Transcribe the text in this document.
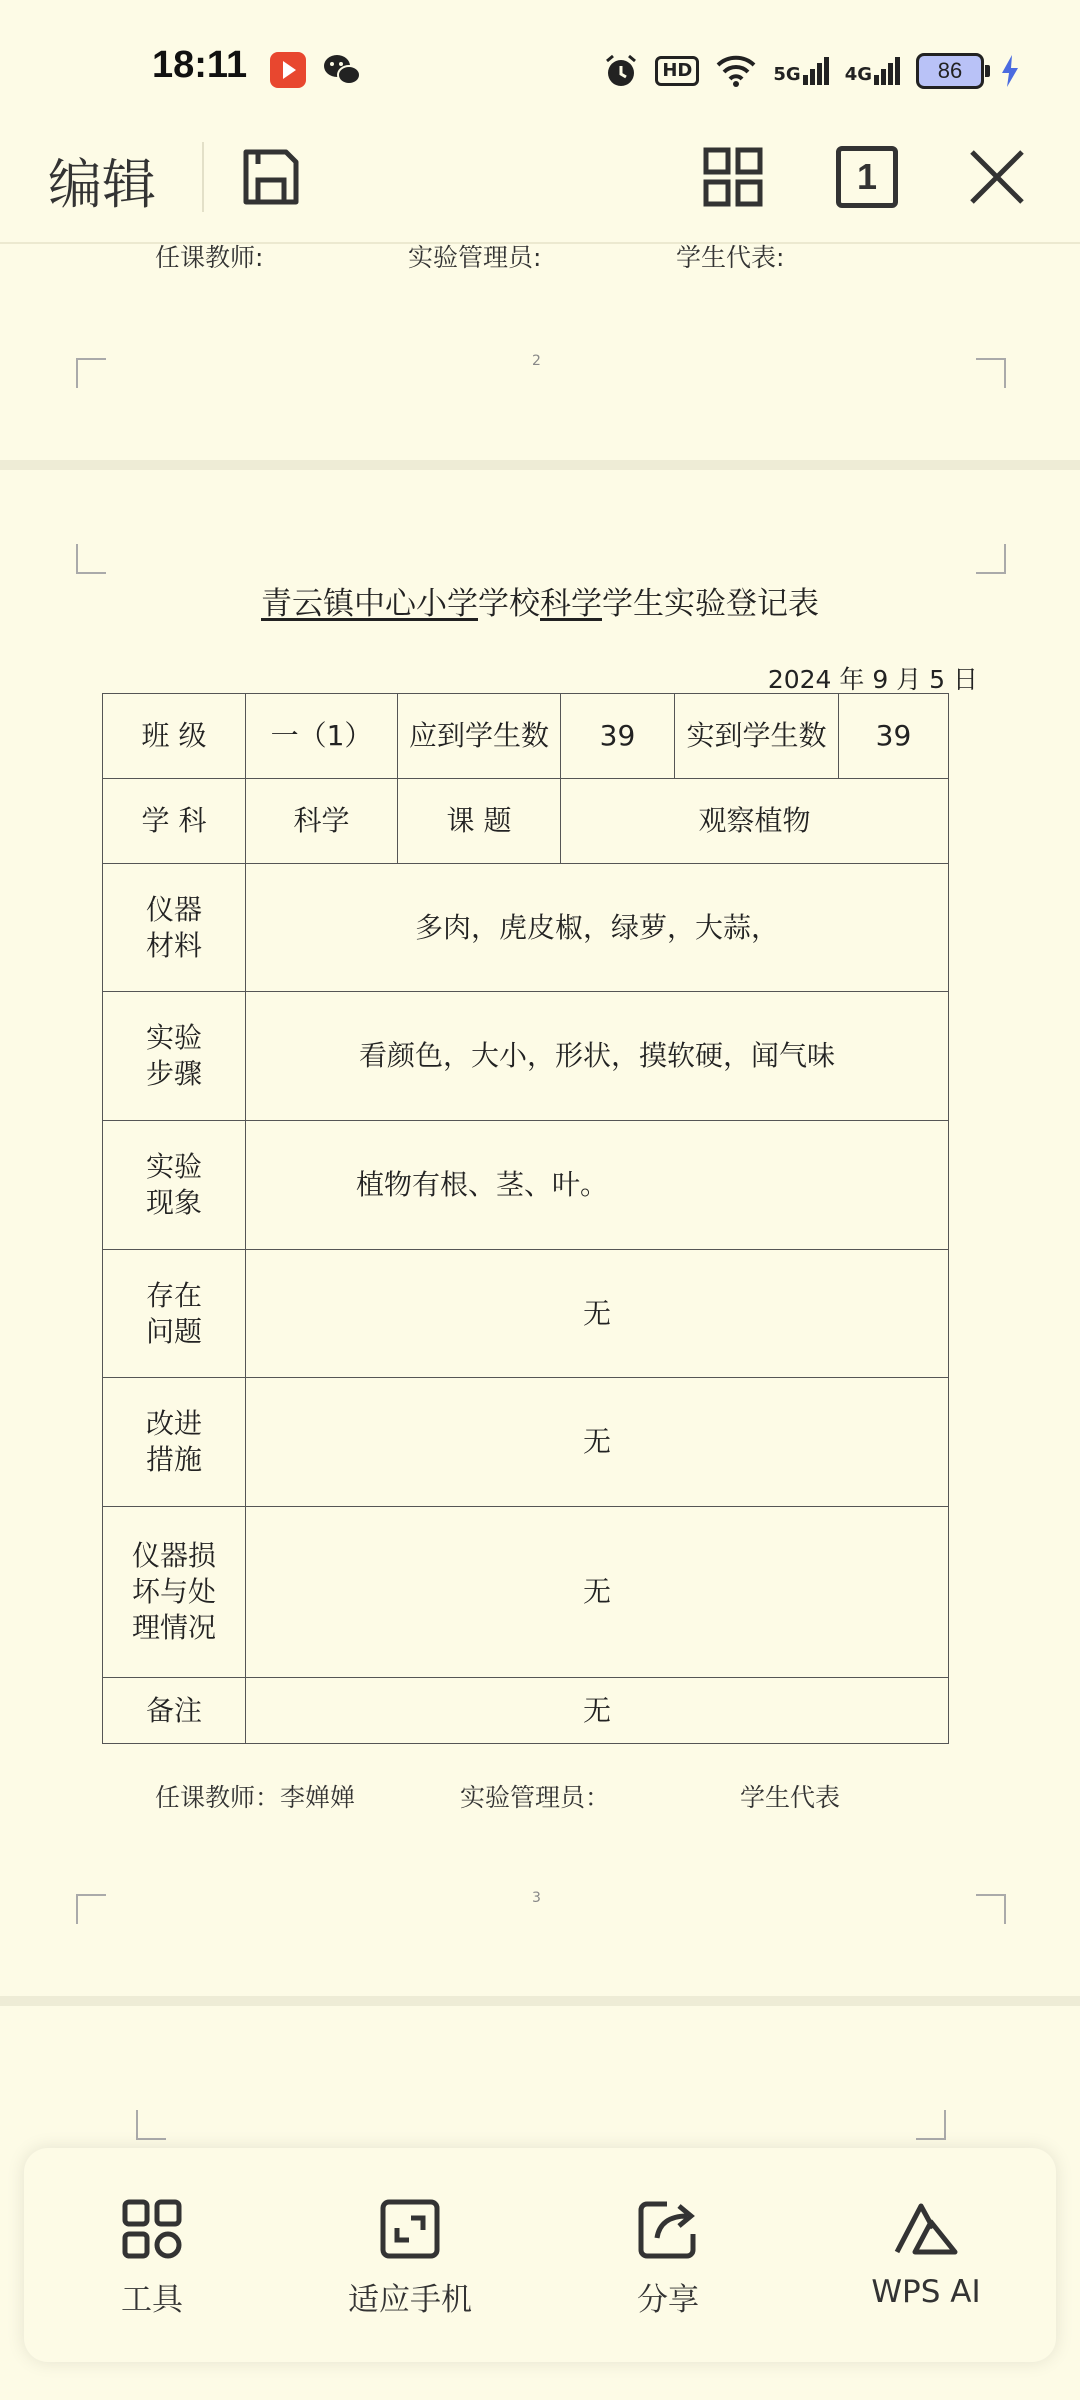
18:11	HD	5G 4G	86
编辑	1
任课教师:	实验管理员:	学生代表:
2
青云镇中心小学学校科学学生实验登记表
2024 年 9 月 5 日
班 级	一（1）	应到学生数	39	实到学生数	39
学 科	科学	课 题	观察植物		
仪器材料	多肉，虎皮椒，绿萝，大蒜，				
实验步骤	看颜色，大小，形状，摸软硬，闻气味				
实验现象	植物有根、茎、叶。				
存在问题	无				
改进措施	无				
仪器损坏与处理情况	无				
备注	无				
任课教师：李婵婵	实验管理员：	学生代表
3
工具	适应手机	分享	WPS AI
